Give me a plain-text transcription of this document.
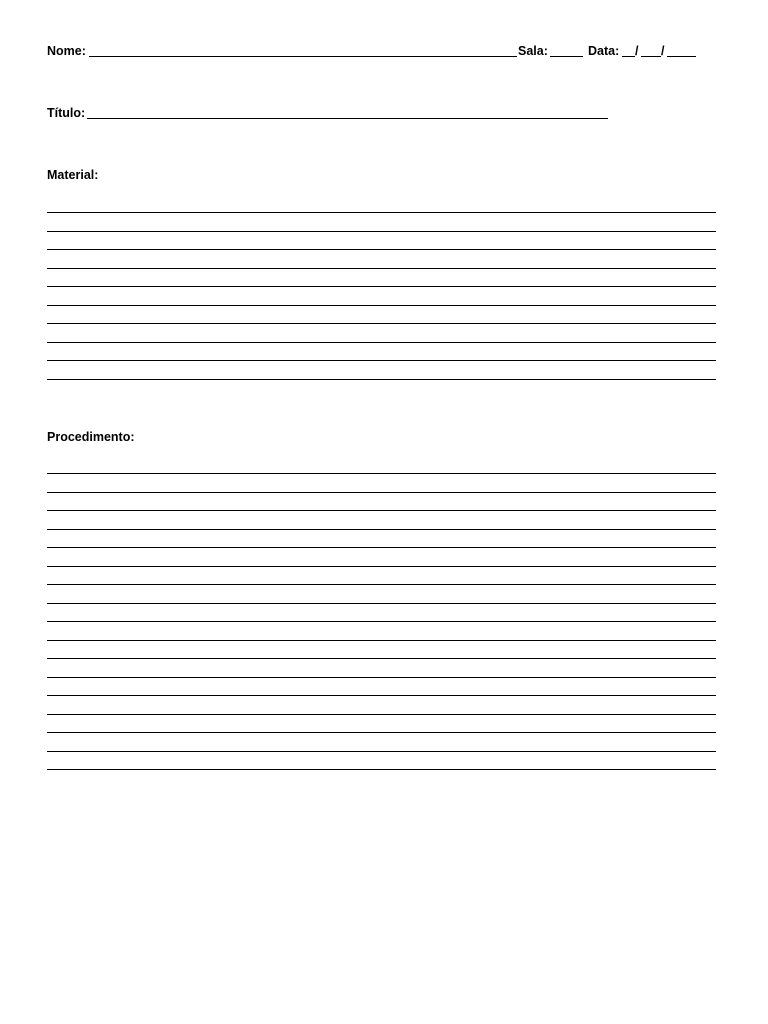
Nome:	Sala:	Data: / /
Título:
Material:
Procedimento:
